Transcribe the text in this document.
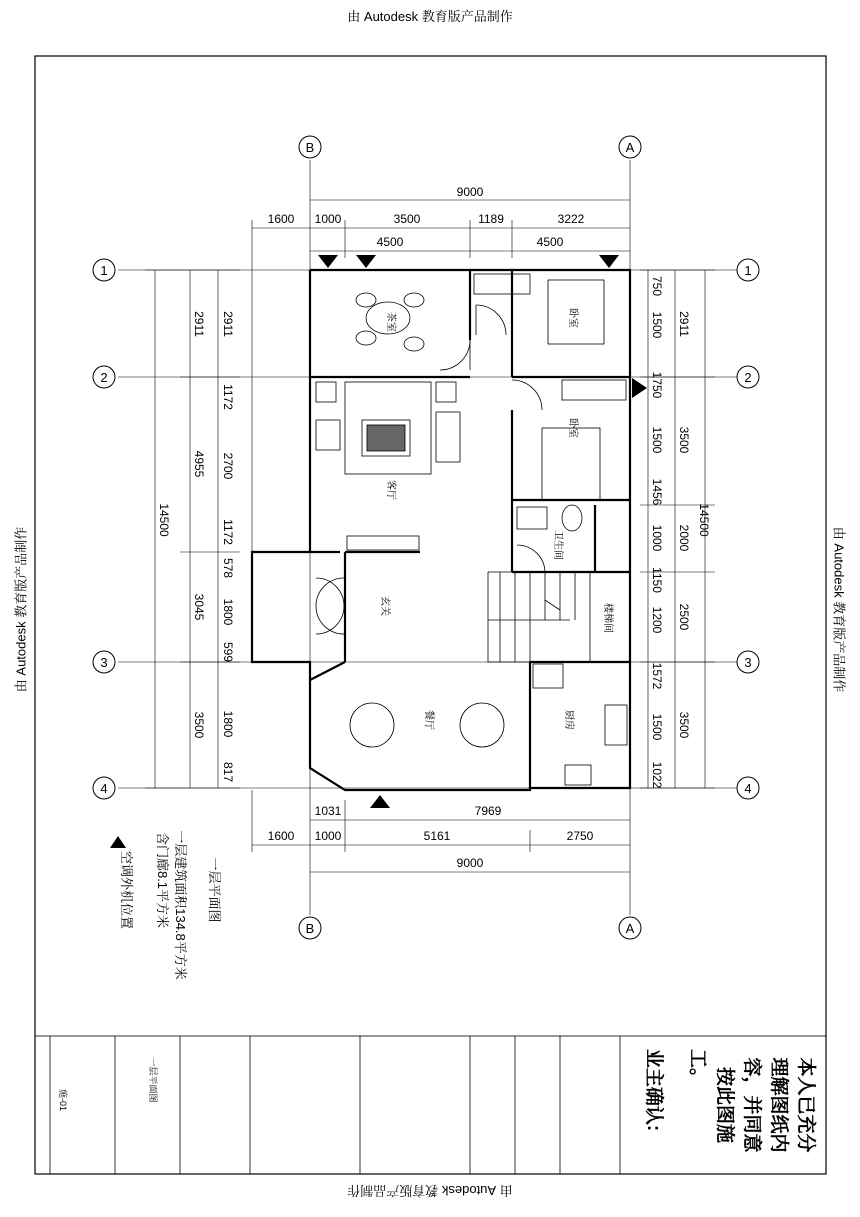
由 Autodesk 教育版产品制作
由 Autodesk 教育版产品制作
由 Autodesk 教育版产品制作	由 Autodesk 教育版产品制作
B	A
B	A
1
2
3
4
1
2
3
4
9000
1600 1000	3500	1189	3222
4500	4500
1031	7969
1600 1000	5161	2750
9000
14500
2911
4955
3045
3500
2911
1172
2700
1172
578
1800
599
1800
817
14500
2911
3500
2000
2500
3500
750
1500
1750
1500
1456
1000
1150
1200
1572
1500
1022
卧室
卧室
茶室
客厅
卫生间
玄关	楼梯间
餐厅	厨房
一层平面图
一层建筑面积134.8平方米
含门廊8.1平方米
空调外机位置
本人已充分
理解图纸内
容，并同意
按此图施
工。
业主确认:
一层平面图
施-01
